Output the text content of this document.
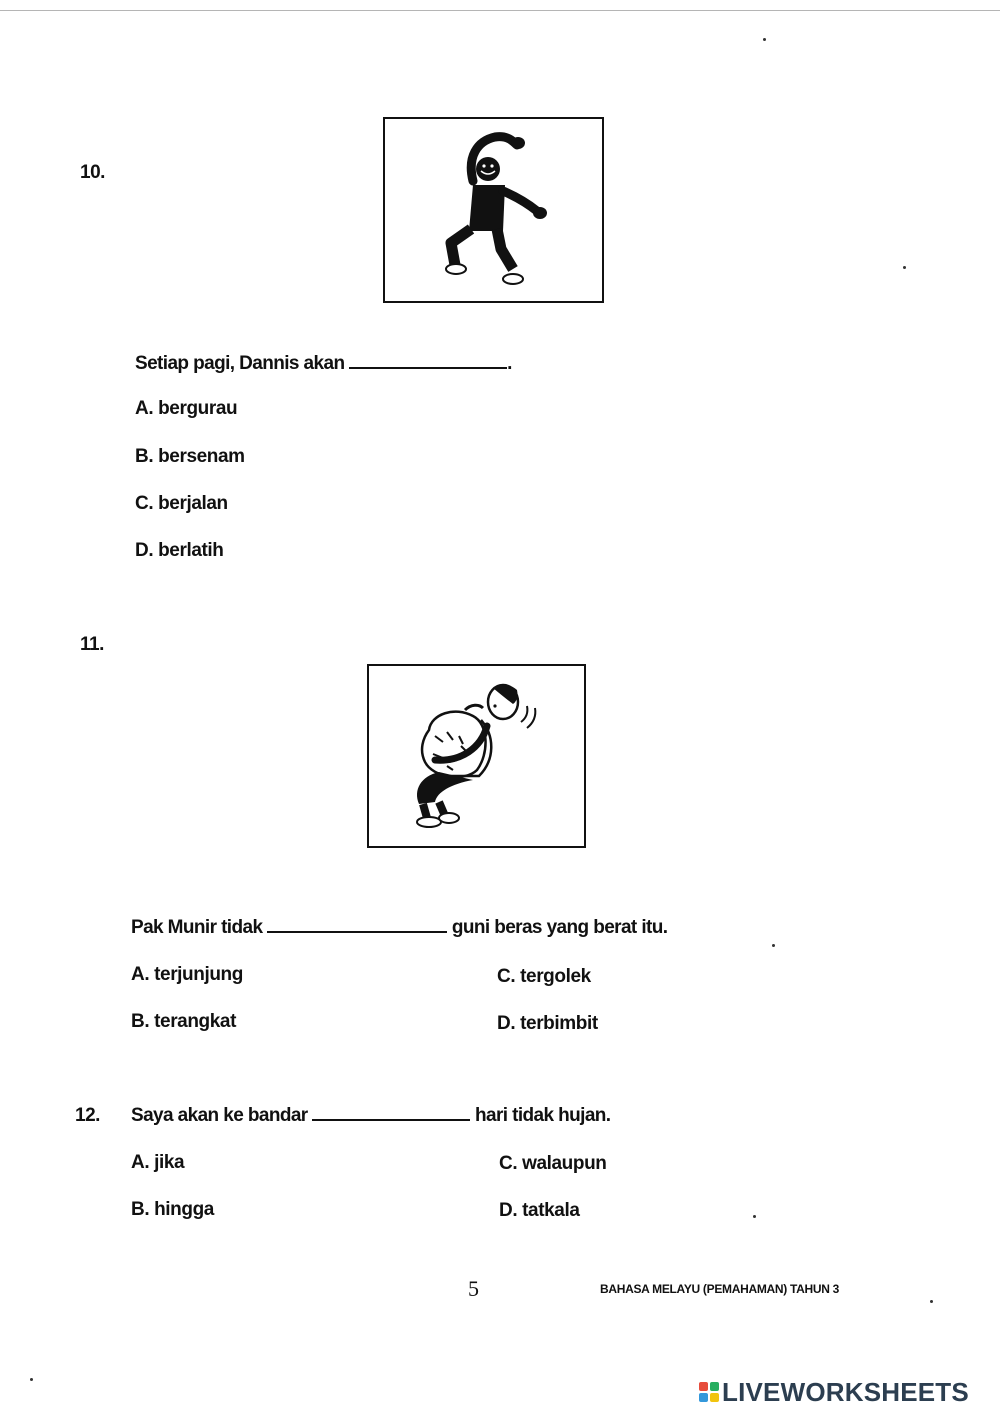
10.
Setiap pagi, Dannis akan	.
A. bergurau
B. bersenam
C. berjalan
D. berlatih
11.
Pak Munir tidak	guni beras yang berat itu.
A. terjunjung
B. terangkat
C. tergolek
D. terbimbit
12. Saya akan ke bandar	hari tidak hujan.
A. jika
B. hingga
C. walaupun
D. tatkala
5	BAHASA MELAYU (PEMAHAMAN) TAHUN 3
LIVEWORKSHEETS
